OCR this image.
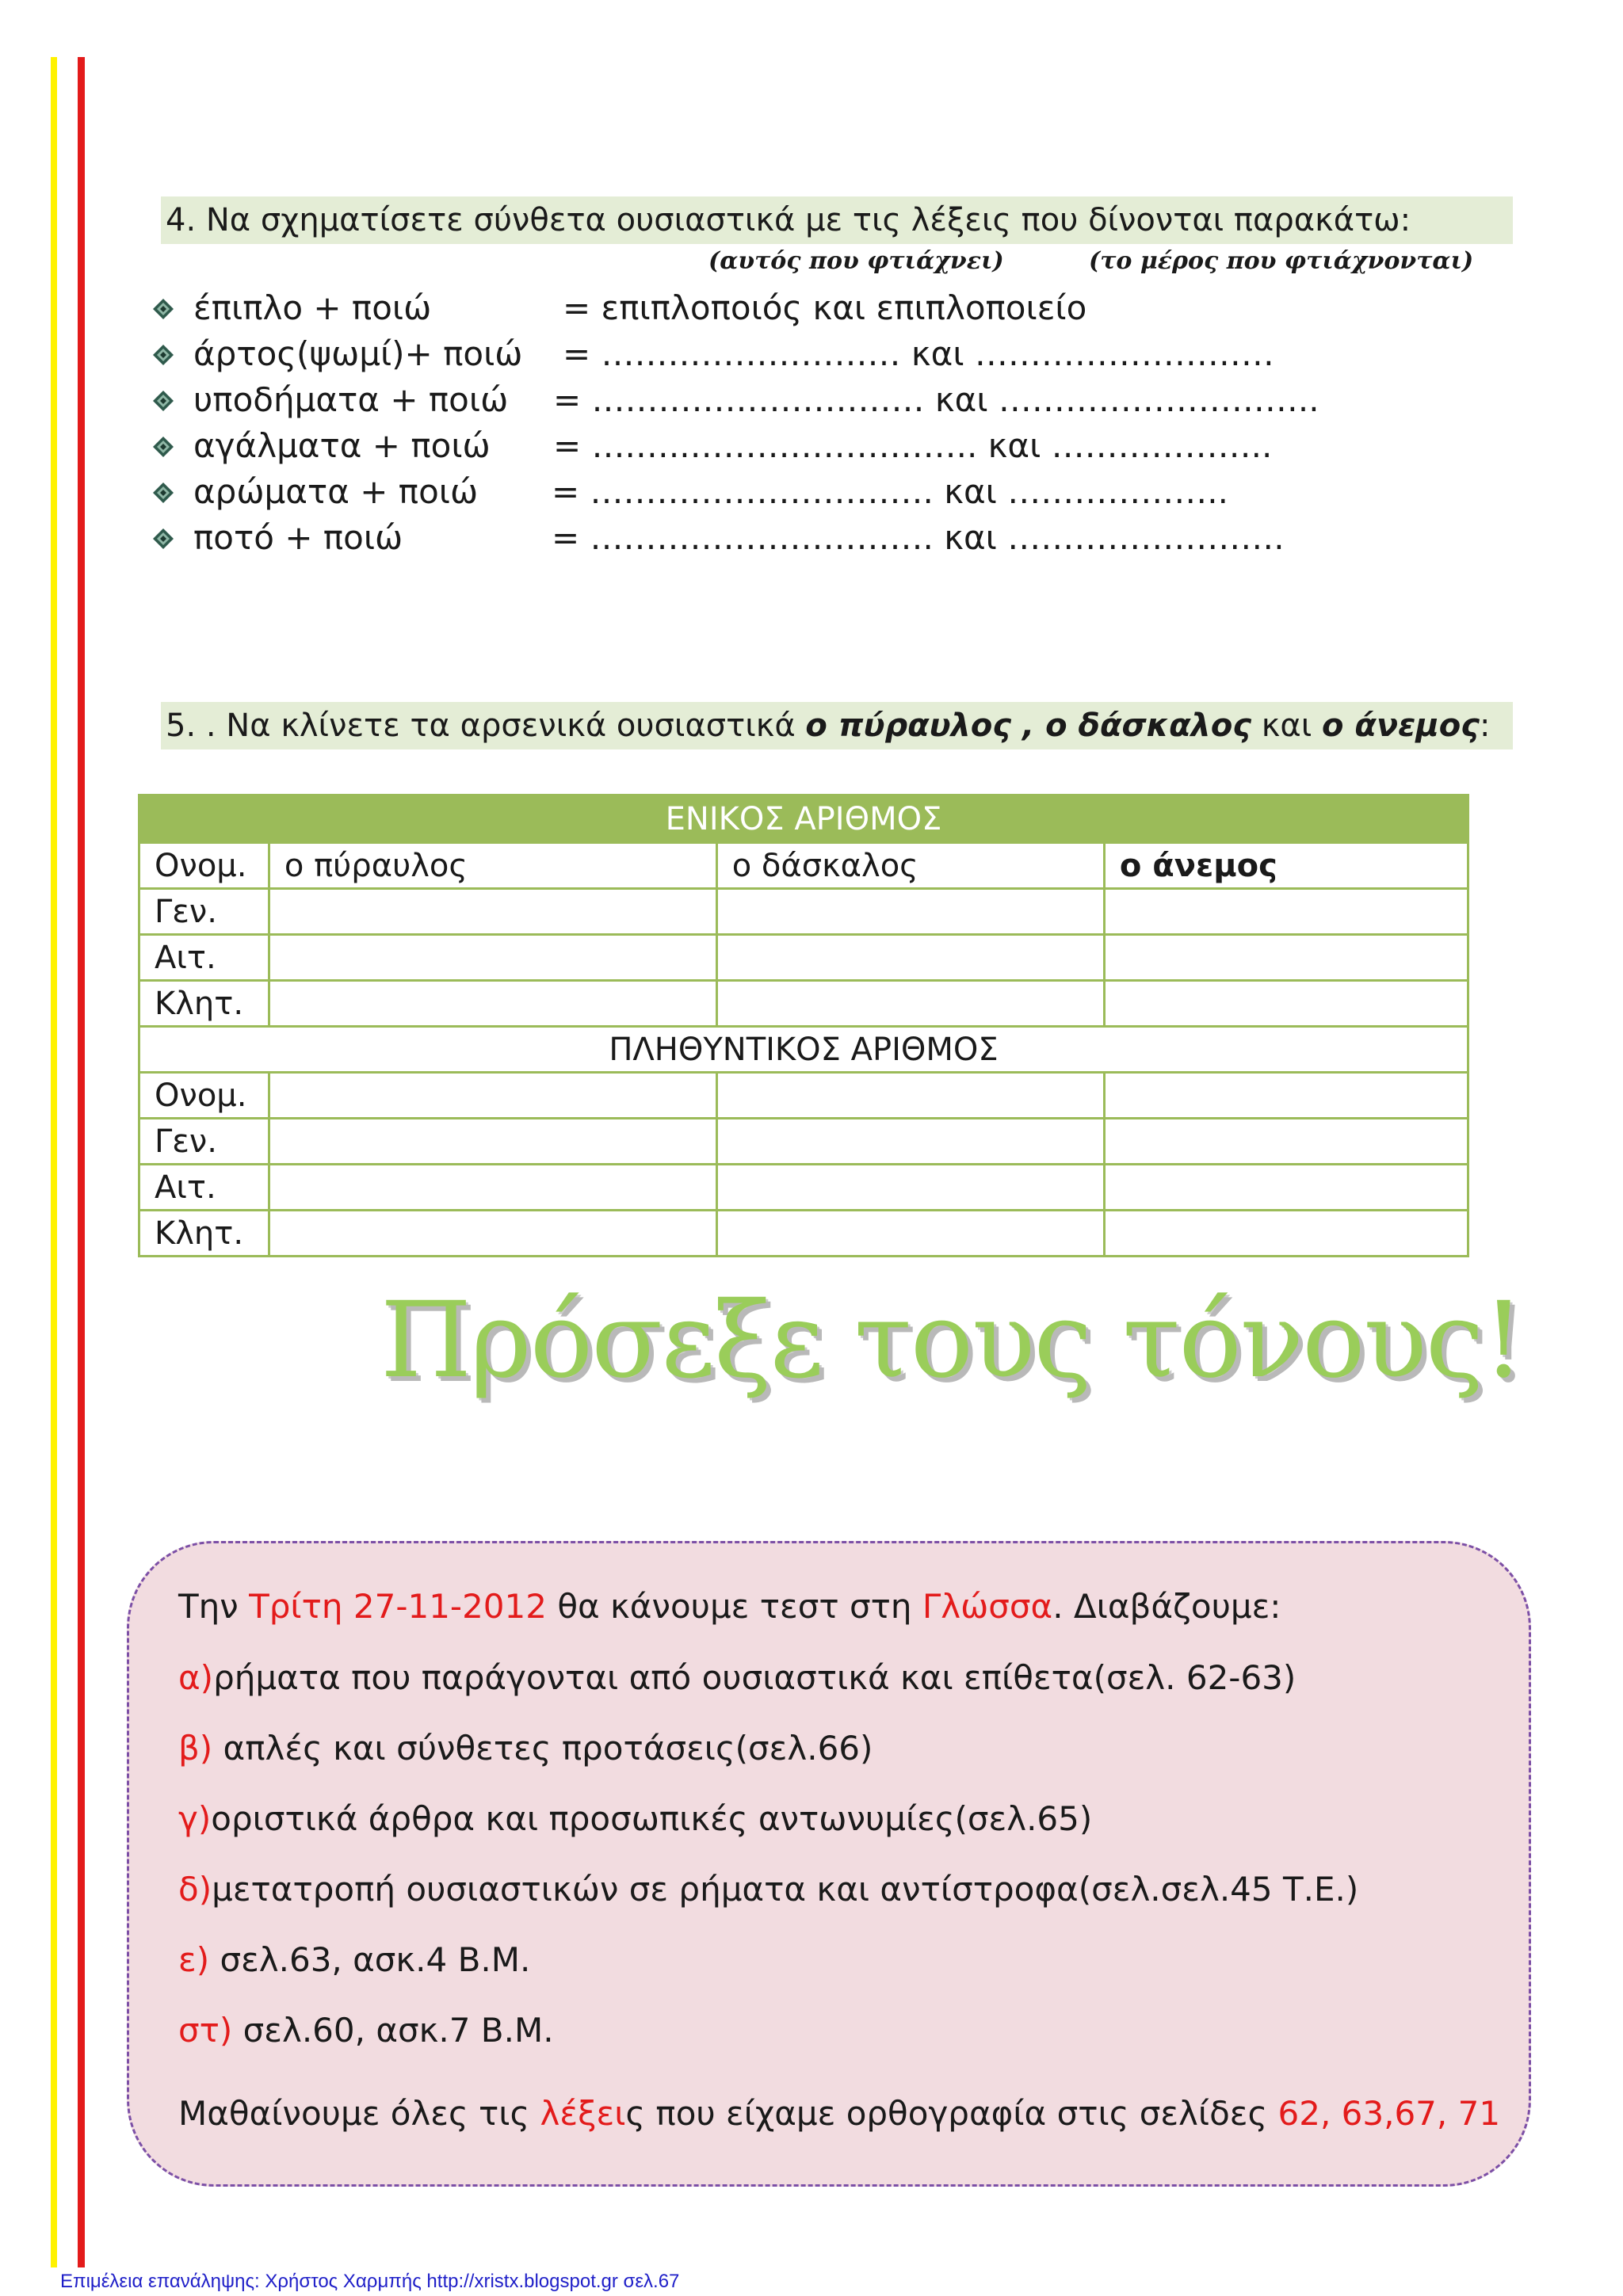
4. Να σχηματίσετε σύνθετα ουσιαστικά με τις λέξεις που δίνονται παρακάτω:
(αυτός που φτιάχνει)	(το μέρος που φτιάχνονται)
έπιπλο + ποιώ	= επιπλοποιός και επιπλοποιείο
άρτος(ψωμί)+ ποιώ = ……………………… και ………………………
υποδήματα + ποιώ = ………………………… και ………………………..
αγάλματα + ποιώ = ….…..…………………….. και ………………..
αρώματα + ποιώ = …………………………. και ………………..
ποτό + ποιώ	= …………………………. και …………………….
5. . Να κλίνετε τα αρσενικά ουσιαστικά ο πύραυλος , ο δάσκαλος και ο άνεμος:
ΕΝΙΚΟΣ ΑΡΙΘΜΟΣ			
Ονομ.	ο πύραυλος	ο δάσκαλος	ο άνεμος
Γεν.			
Αιτ.			
Κλητ.			
ΠΛΗΘΥΝΤΙΚΟΣ ΑΡΙΘΜΟΣ			
Ονομ.			
Γεν.			
Αιτ.			
Κλητ.			
Πρόσεξε τους τόνους!

Την Τρίτη 27-11-2012 θα κάνουμε τεστ στη Γλώσσα. Διαβάζουμε:

α)ρήματα που παράγονται από ουσιαστικά και επίθετα(σελ. 62-63)

β) απλές και σύνθετες προτάσεις(σελ.66)

γ)οριστικά άρθρα και προσωπικές αντωνυμίες(σελ.65)

δ)μετατροπή ουσιαστικών σε ρήματα και αντίστροφα(σελ.σελ.45 Τ.Ε.)

ε) σελ.63, ασκ.4 Β.Μ.

στ) σελ.60, ασκ.7 Β.Μ.

Μαθαίνουμε όλες τις λέξεις που είχαμε ορθογραφία στις σελίδες 62, 63,67, 71

Επιμέλεια επανάληψης: Χρήστος Χαρμπής http://xristx.blogspot.gr σελ.67
